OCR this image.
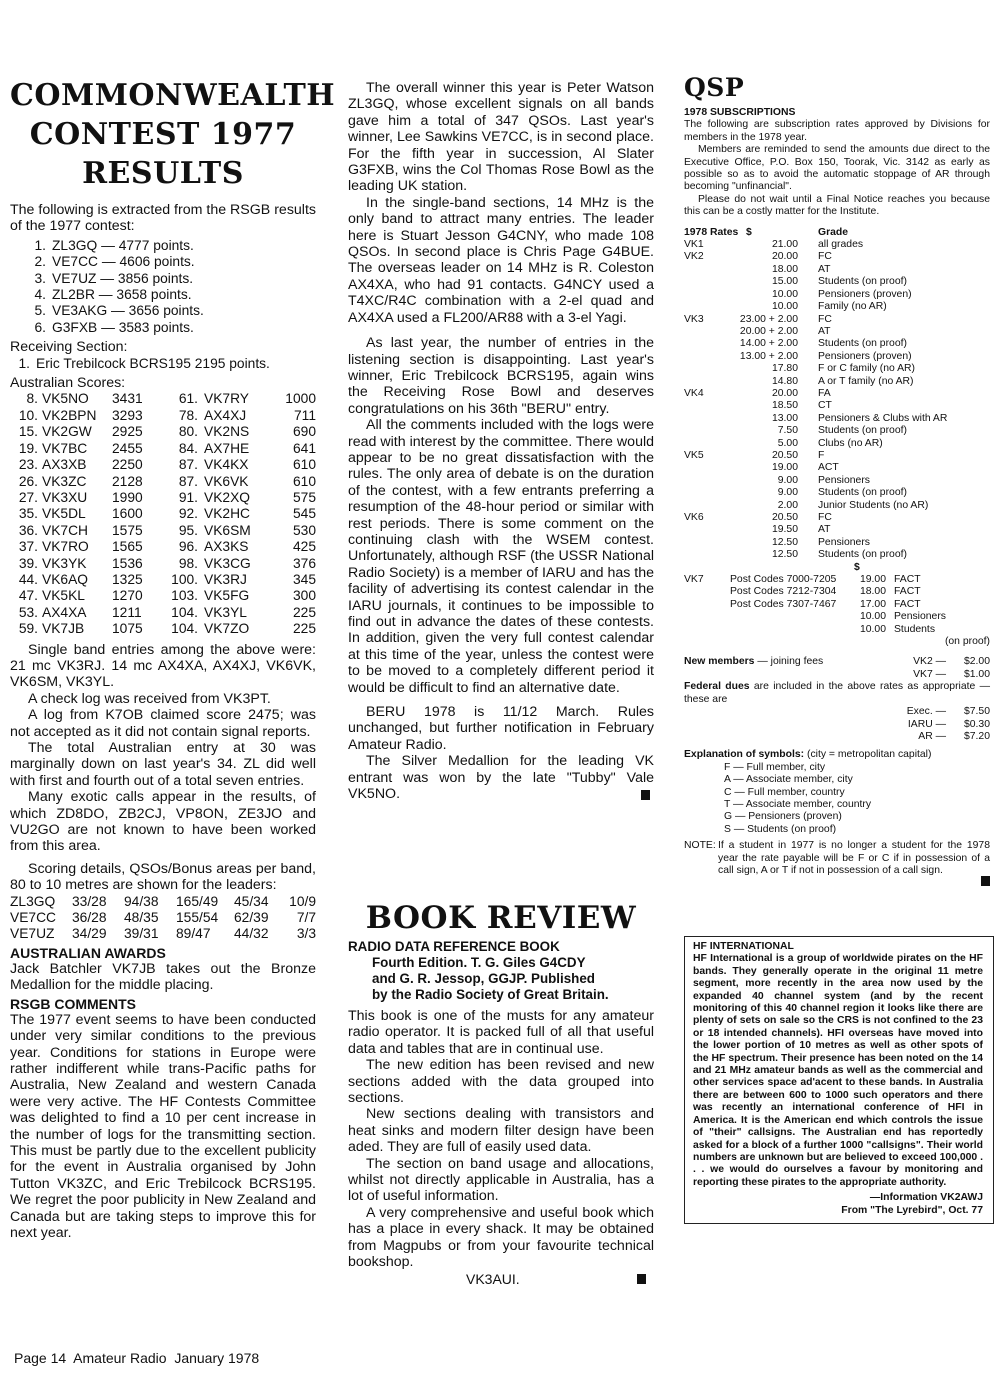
COMMONWEALTH
CONTEST 1977
RESULTS

The following is extracted from the RSGB results of the 1977 contest:

1. ZL3GQ — 4777 points.
2. VE7CC — 4606 points.
3. VE7UZ — 3856 points.
4. ZL2BR — 3658 points.
5. VE3AKG — 3656 points.
6. G3FXB — 3583 points.

Receiving Section:

1. Eric Trebilcock BCRS195 2195 points.

Australian Scores:

8. VK5NO	3431	61. VK7RY	1000
10. VK2BPN	3293	78. AX4XJ	711
15. VK2GW	2925	80. VK2NS	690
19. VK7BC	2455	84. AX7HE	641
23. AX3XB	2250	87. VK4KX	610
26. VK3ZC	2128	87. VK6VK	610
27. VK3XU	1990	91. VK2XQ	575
35. VK5DL	1600	92. VK2HC	545
36. VK7CH	1575	95. VK6SM	530
37. VK7RO	1565	96. AX3KS	425
39. VK3YK	1536	98. VK3CG	376
44. VK6AQ	1325	100. VK3RJ	345
47. VK5KL	1270	103. VK5FG	300
53. AX4XA	1211	104. VK3YL	225
59. VK7JB	1075	104. VK7ZO	225

Single band entries among the above were: 21 mc VK3RJ. 14 mc AX4XA, AX4XJ, VK6VK, VK6SM, VK3YL.

A check log was received from VK3PT.

A log from K7OB claimed score 2475; was not accepted as it did not contain signal reports.

The total Australian entry at 30 was marginally down on last year's 34. ZL did well with first and fourth out of a total seven entries.

Many exotic calls appear in the results, of which ZD8DO, ZB2CJ, VP8ON, ZE3JO and VU2GO are not known to have been worked from this area.

Scoring details, QSOs/Bonus areas per band, 80 to 10 metres are shown for the leaders:

ZL3GQ	33/28	94/38	165/49	45/34	10/9
VE7CC	36/28	48/35	155/54	62/39	7/7
VE7UZ	34/29	39/31	89/47	44/32	3/3

AUSTRALIAN AWARDS

Jack Batchler VK7JB takes out the Bronze Medallion for the middle placing.

RSGB COMMENTS

The 1977 event seems to have been conducted under very similar conditions to the previous year. Conditions for stations in Europe were rather indifferent while trans-Pacific paths for Australia, New Zealand and western Canada were very active. The HF Contests Committee was delighted to find a 10 per cent increase in the number of logs for the transmitting section. This must be partly due to the excellent publicity for the event in Australia organised by John Tutton VK3ZC, and Eric Trebilcock BCRS195. We regret the poor publicity in New Zealand and Canada but are taking steps to improve this for next year.

The overall winner this year is Peter Watson ZL3GQ, whose excellent signals on all bands gave him a total of 347 QSOs. Last year's winner, Lee Sawkins VE7CC, is in second place. For the fifth year in succession, Al Slater G3FXB, wins the Col Thomas Rose Bowl as the leading UK station.

In the single-band sections, 14 MHz is the only band to attract many entries. The leader here is Stuart Jesson G4CNY, who made 108 QSOs. In second place is Chris Page G4BUE. The overseas leader on 14 MHz is R. Coleston AX4XA, who had 91 contacts. G4NCY used a T4XC/R4C combination with a 2-el quad and AX4XA used a FL200/AR88 with a 3-el Yagi.

As last year, the number of entries in the listening section is disappointing. Last year's winner, Eric Trebilcock BCRS195, again wins the Receiving Rose Bowl and deserves congratulations on his 36th "BERU" entry.

All the comments included with the logs were read with interest by the committee. There would appear to be no great dissatisfaction with the rules. The only area of debate is on the duration of the contest, with a few entrants preferring a resumption of the 48-hour period or similar with rest periods. There is some comment on the continuing clash with the WSEM contest. Unfortunately, although RSF (the USSR National Radio Society) is a member of IARU and has the facility of advertising its contest calendar in the IARU journals, it continues to be impossible to find out in advance the dates of these contests. In addition, given the very full contest calendar at this time of the year, unless the contest were to be moved to a completely different period it would be difficult to find an alternative date.

BERU 1978 is 11/12 March. Rules unchanged, but further notification in February Amateur Radio.

The Silver Medallion for the leading VK entrant was won by the late "Tubby" Vale VK5NO.

BOOK REVIEW
RADIO DATA REFERENCE BOOK
Fourth Edition. T. G. Giles G4CDY
and G. R. Jessop, GGJP. Published
by the Radio Society of Great Britain.

This book is one of the musts for any amateur radio operator. It is packed full of all that useful data and tables that are in continual use.

The new edition has been revised and new sections added with the data grouped into sections.

New sections dealing with transistors and heat sinks and modern filter design have been aded. They are full of easily used data.

The section on band usage and allocations, whilst not directly applicable in Australia, has a lot of useful information.

A very comprehensive and useful book which has a place in every shack. It may be obtained from Magpubs or from your favourite technical bookshop.

VK3AUI.
QSP
1978 SUBSCRIPTIONS

The following are subscription rates approved by Divisions for members in the 1978 year.

Members are reminded to send the amounts due direct to the Executive Office, P.O. Box 150, Toorak, Vic. 3142 as early as possible so as to avoid the automatic stoppage of AR through becoming "unfinancial".

Please do not wait until a Final Notice reaches you because this can be a costly matter for the Institute.

1978 Rates $	Grade
VK1	21.00	all grades
VK2	20.00	FC
18.00	AT
15.00	Students (on proof)
10.00	Pensioners (proven)
10.00	Family (no AR)
VK3	23.00 + 2.00	FC
20.00 + 2.00	AT
14.00 + 2.00	Students (on proof)
13.00 + 2.00	Pensioners (proven)
17.80	F or C family (no AR)
14.80	A or T family (no AR)
VK4	20.00	FA
18.50	CT
13.00	Pensioners & Clubs with AR
7.50	Students (on proof)
5.00	Clubs (no AR)
VK5	20.50	F
19.00	ACT
9.00	Pensioners
9.00	Students (on proof)
2.00	Junior Students (no AR)
VK6	20.50	FC
19.50	AT
12.50	Pensioners
12.50	Students (on proof)
$
VK7	Post Codes 7000-7205	19.00 FACT
Post Codes 7212-7304	18.00 FACT
Post Codes 7307-7467	17.00 FACT
10.00 Pensioners
10.00 Students
(on proof)
New members — joining fees	VK2 —	$2.00
VK7 —	$1.00

Federal dues are included in the above rates as appropriate — these are

Exec. —	$7.50
IARU —	$0.30
AR —	$7.20

Explanation of symbols: (city = metropolitan capital)

F — Full member, city
A — Associate member, city
C — Full member, country
T — Associate member, country
G — Pensioners (proven)
S — Students (on proof)
NOTE: If a student in 1977 is no longer a student for the 1978 year the rate payable will be F or C if in possession of a call sign, A or T if not in possession of a call sign.
HF INTERNATIONAL

HF International is a group of worldwide pirates on the HF bands. They generally operate in the original 11 metre segment, more recently in the area now used by the expanded 40 channel system (and by the recent monitoring of this 40 channel region it looks like there are plenty of sets on sale so the CRS is not confined to the 23 or 18 intended channels). HFI overseas have moved into the lower portion of 10 metres as well as other spots of the HF spectrum. Their presence has been noted on the 14 and 21 MHz amateur bands as well as the commercial and other services space ad'acent to these bands. In Australia there are between 600 to 1000 such operators and there was recently an international conference of HFI in America. It is the American end which controls the issue of "their" callsigns. The Australian end has reportedly asked for a block of a further 1000 "callsigns". Their world numbers are unknown but are believed to exceed 100,000 . . . we would do ourselves a favour by monitoring and reporting these pirates to the appropriate authority.

—Information VK2AWJ
From "The Lyrebird", Oct. 77
Page 14  Amateur Radio  January 1978
